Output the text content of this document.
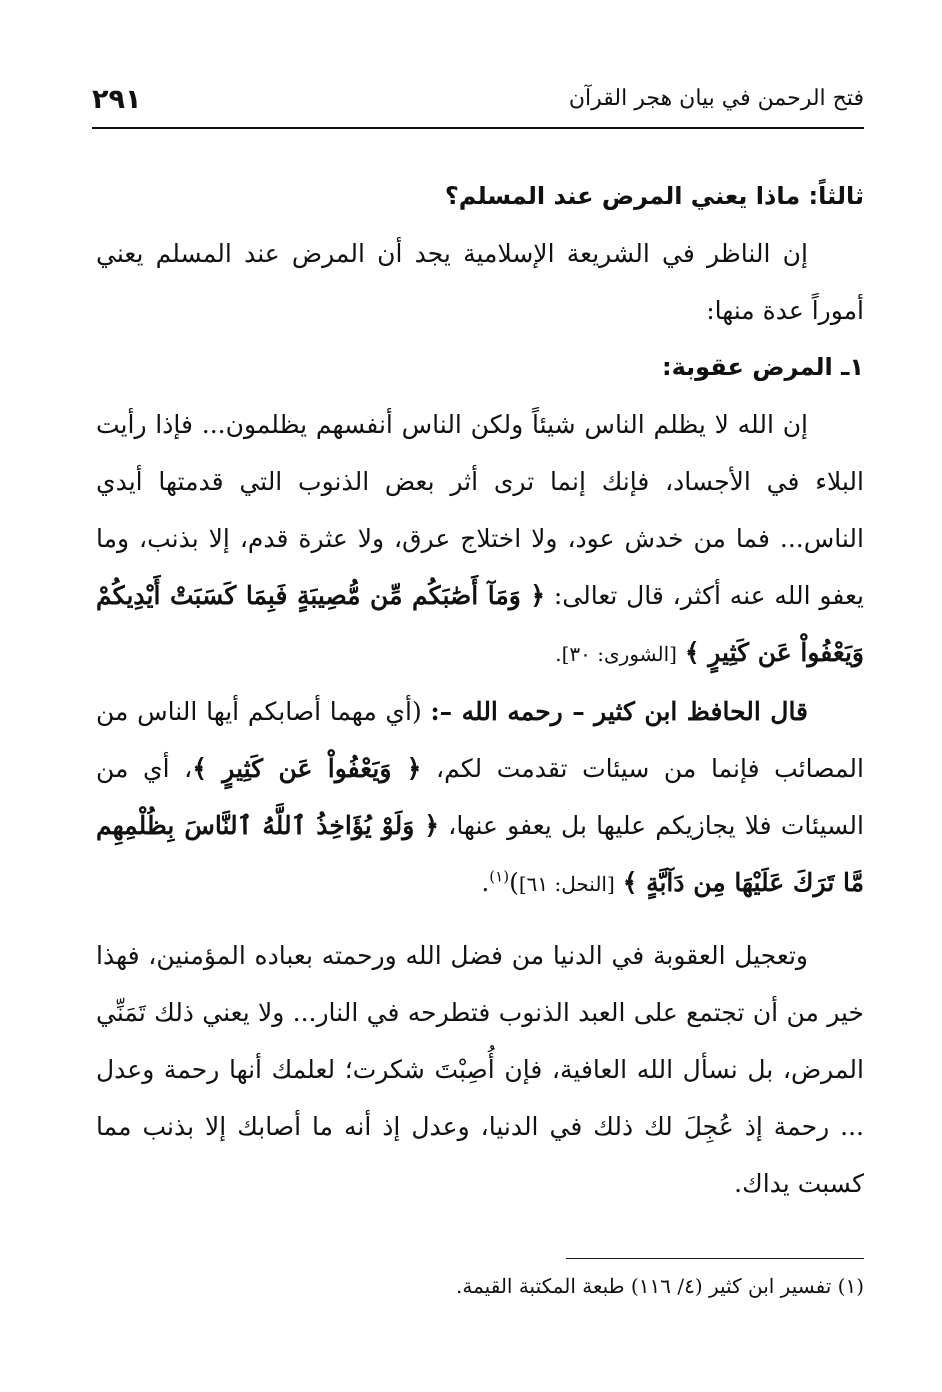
فتح الرحمن في بيان هجر القرآن
٢٩١

ثالثاً: ماذا يعني المرض عند المسلم؟

إن الناظر في الشريعة الإسلامية يجد أن المرض عند المسلم يعني أموراً عدة منها:

١ـ المرض عقوبة:

إن الله لا يظلم الناس شيئاً ولكن الناس أنفسهم يظلمون... فإذا رأيت البلاء في الأجساد، فإنك إنما ترى أثر بعض الذنوب التي قدمتها أيدي الناس... فما من خدش عود، ولا اختلاج عرق، ولا عثرة قدم، إلا بذنب، وما يعفو الله عنه أكثر، قال تعالى: ﴿ وَمَآ أَصَٰبَكُم مِّن مُّصِيبَةٍ فَبِمَا كَسَبَتْ أَيْدِيكُمْ وَيَعْفُواْ عَن كَثِيرٍ ﴾ [الشورى: ٣٠].

قال الحافظ ابن كثير – رحمه الله –: (أي مهما أصابكم أيها الناس من المصائب فإنما من سيئات تقدمت لكم، ﴿ وَيَعْفُواْ عَن كَثِيرٍ ﴾، أي من السيئات فلا يجازيكم عليها بل يعفو عنها، ﴿ وَلَوْ يُؤَاخِذُ ٱللَّهُ ٱلنَّاسَ بِظُلْمِهِم مَّا تَرَكَ عَلَيْهَا مِن دَآبَّةٍ ﴾ [النحل: ٦١])$^{(١)}$.

وتعجيل العقوبة في الدنيا من فضل الله ورحمته بعباده المؤمنين، فهذا خير من أن تجتمع على العبد الذنوب فتطرحه في النار... ولا يعني ذلك تَمَنِّي المرض، بل نسأل الله العافية، فإن أُصِبْتَ شكرت؛ لعلمك أنها رحمة وعدل ... رحمة إذ عُجِلَ لك ذلك في الدنيا، وعدل إذ أنه ما أصابك إلا بذنب مما كسبت يداك.

(١) تفسير ابن كثير (٤/ ١١٦) طبعة المكتبة القيمة.
